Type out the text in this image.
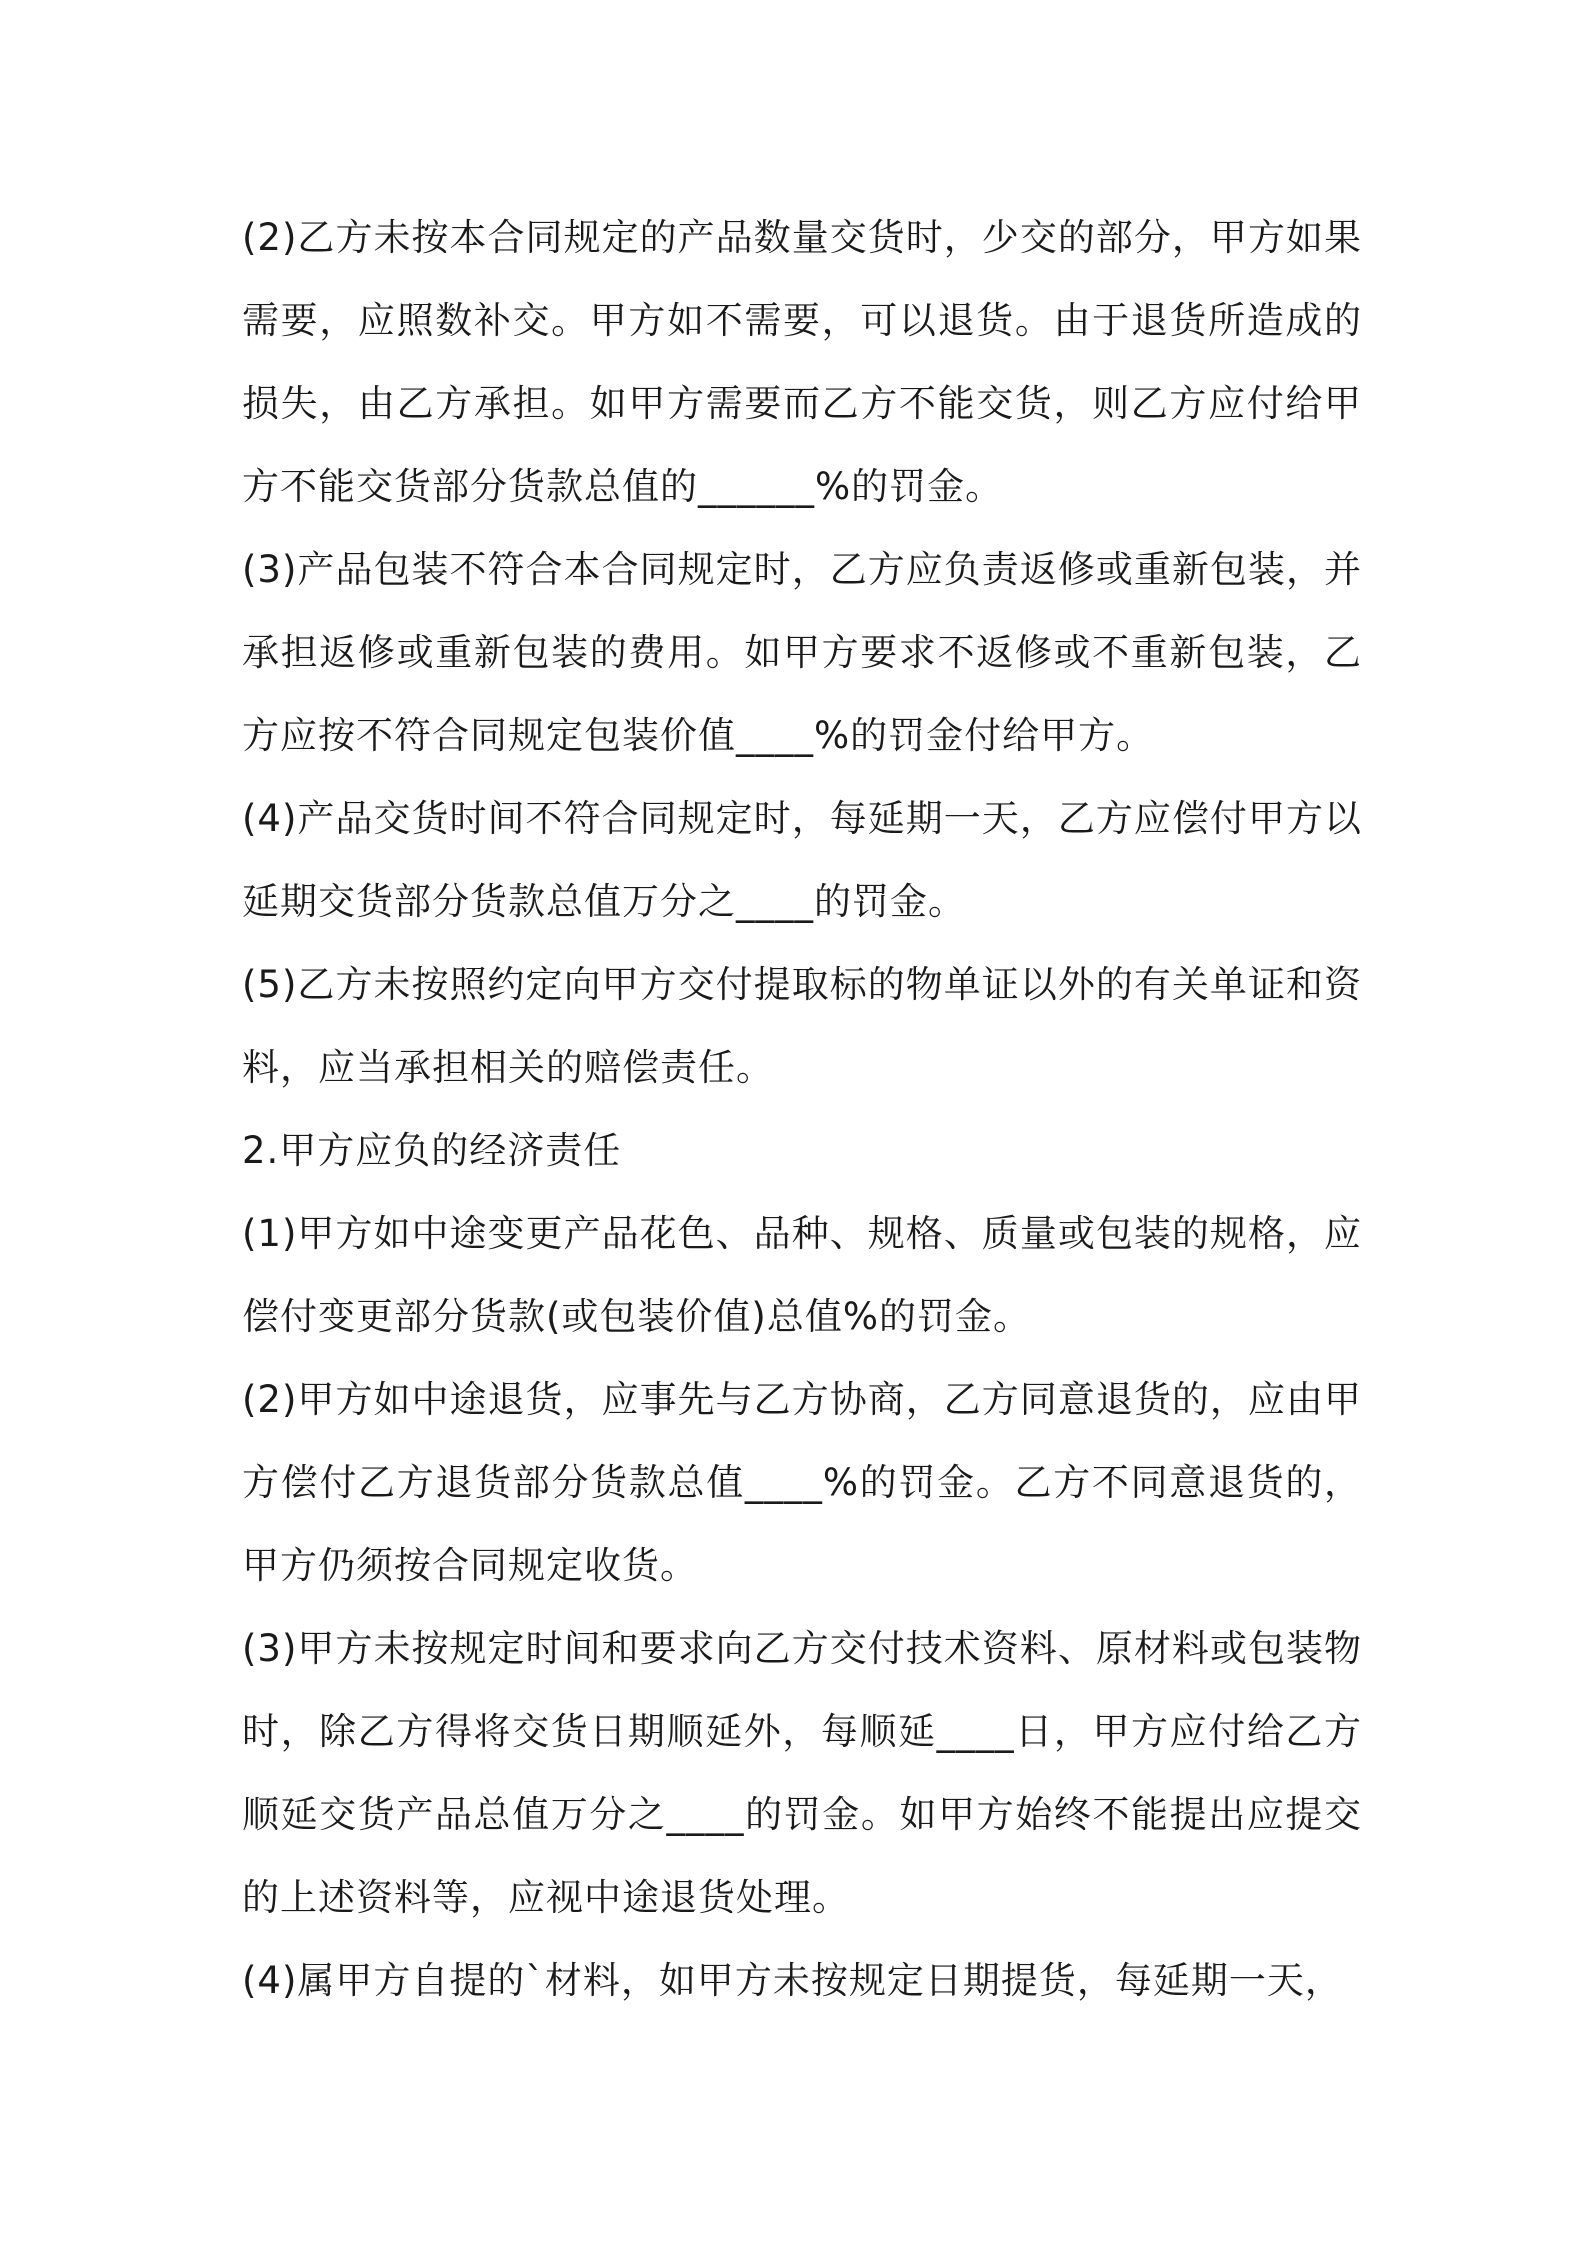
(2)乙方未按本合同规定的产品数量交货时，少交的部分，甲方如果需要，应照数补交。甲方如不需要，可以退货。由于退货所造成的损失，由乙方承担。如甲方需要而乙方不能交货，则乙方应付给甲方不能交货部分货款总值的______%的罚金。

(3)产品包装不符合本合同规定时，乙方应负责返修或重新包装，并承担返修或重新包装的费用。如甲方要求不返修或不重新包装，乙方应按不符合同规定包装价值____%的罚金付给甲方。

(4)产品交货时间不符合同规定时，每延期一天，乙方应偿付甲方以延期交货部分货款总值万分之____的罚金。

(5)乙方未按照约定向甲方交付提取标的物单证以外的有关单证和资料，应当承担相关的赔偿责任。

2.甲方应负的经济责任

(1)甲方如中途变更产品花色、品种、规格、质量或包装的规格，应偿付变更部分货款(或包装价值)总值%的罚金。

(2)甲方如中途退货，应事先与乙方协商，乙方同意退货的，应由甲方偿付乙方退货部分货款总值____%的罚金。乙方不同意退货的，甲方仍须按合同规定收货。

(3)甲方未按规定时间和要求向乙方交付技术资料、原材料或包装物时，除乙方得将交货日期顺延外，每顺延____日，甲方应付给乙方顺延交货产品总值万分之____的罚金。如甲方始终不能提出应提交的上述资料等，应视中途退货处理。

(4)属甲方自提的`材料，如甲方未按规定日期提货，每延期一天，
